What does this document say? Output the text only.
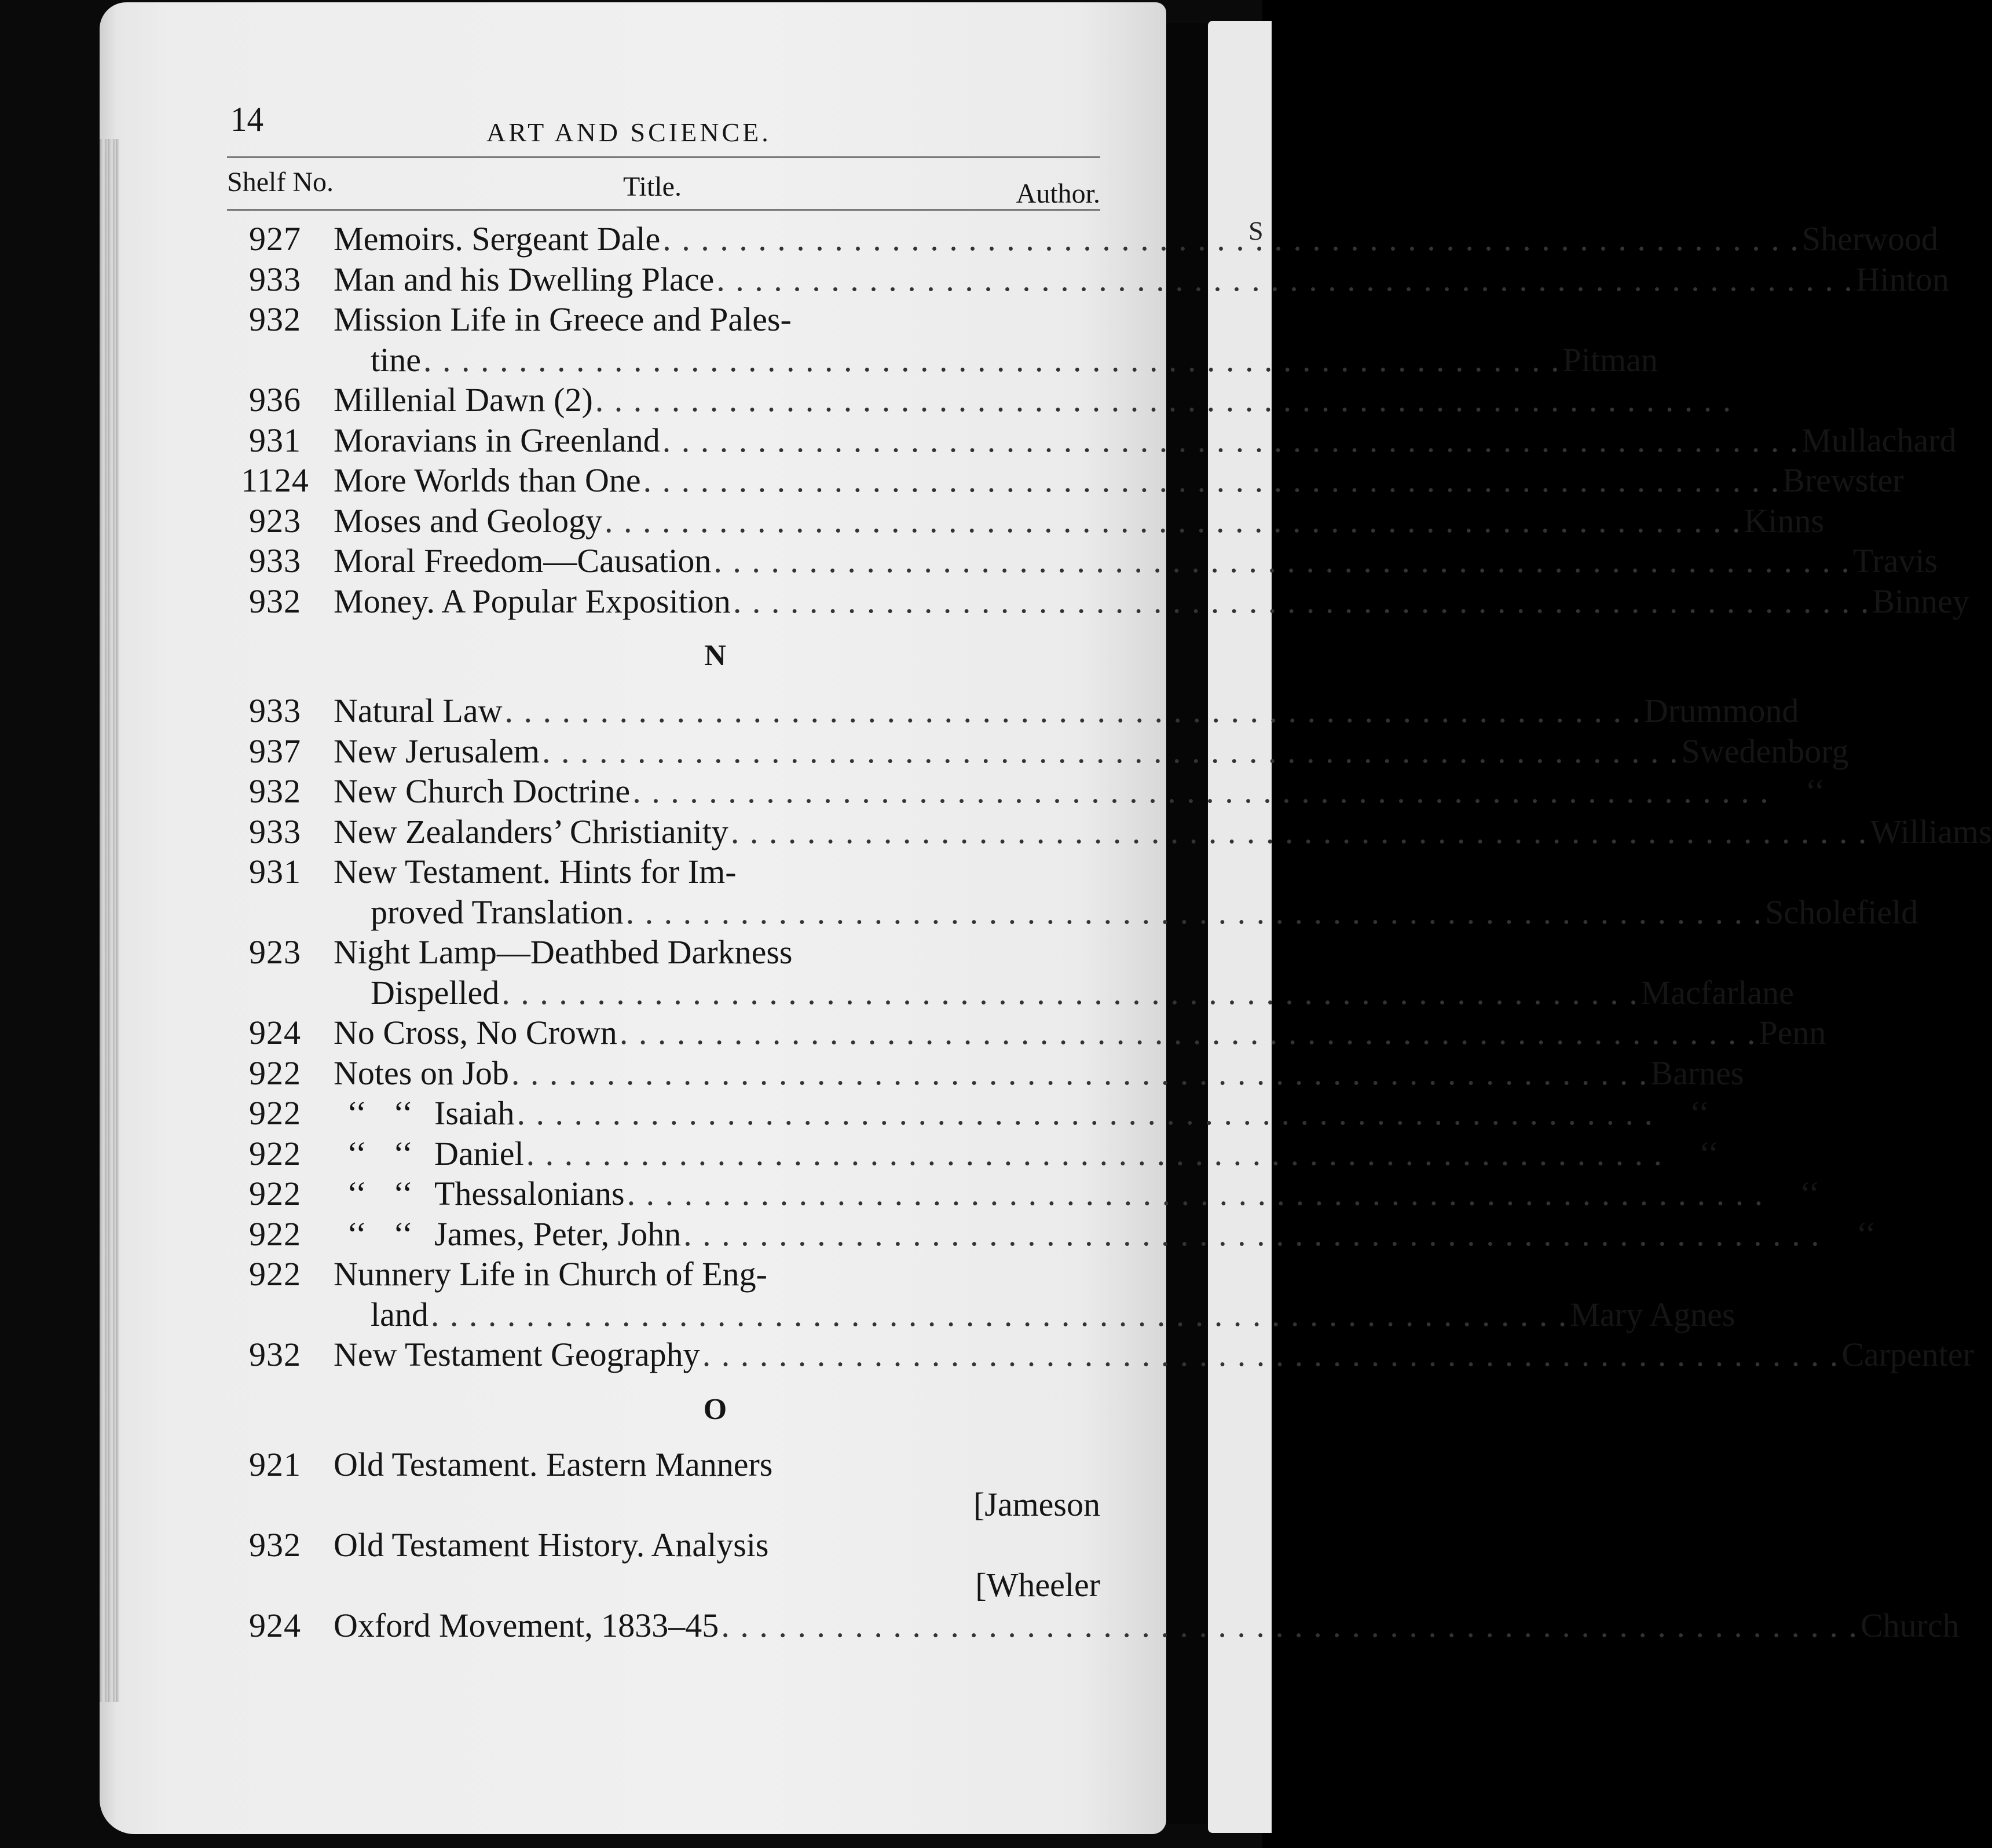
S
14	ART AND SCIENCE.
Shelf No.	Title.	Author.
927 Memoirs. Sergeant Dale . . .	Sherwood
933 Man and his Dwelling Place . . .	Hinton
932 Mission Life in Greece and Pales-
tine . . .	Pitman
936 Millenial Dawn (2)
. . .
931 Moravians in Greenland . . .	Mullachard
1124 More Worlds than One . . .	Brewster
923 Moses and Geology . . .	Kinns
933 Moral Freedom—Causation . . .	Travis
932 Money. A Popular Exposition . . .	Binney
N
933 Natural Law . . .	Drummond
937 New Jerusalem . . .	Swedenborg
932 New Church Doctrine . . .	‘‘
933 New Zealanders’ Christianity . . .	Williams
931 New Testament. Hints for Im-
proved Translation . . .	Scholefield
923 Night Lamp—Deathbed Darkness
Dispelled . . .	Macfarlane
924 No Cross, No Crown . . .	Penn
922 Notes on Job . . .	Barnes
922	‘‘ ‘‘ Isaiah . . .	‘‘
922	‘‘ ‘‘ Daniel . . .	‘‘
922	‘‘ ‘‘ Thessalonians . . .	‘‘
922	‘‘ ‘‘ James, Peter, John . . .	‘‘
922 Nunnery Life in Church of Eng-
land . . .	Mary Agnes
932 New Testament Geography . . .	Carpenter
O
921 Old Testament. Eastern Manners
[Jameson
932 Old Testament History. Analysis
[Wheeler
924 Oxford Movement, 1833–45 . . .	Church
